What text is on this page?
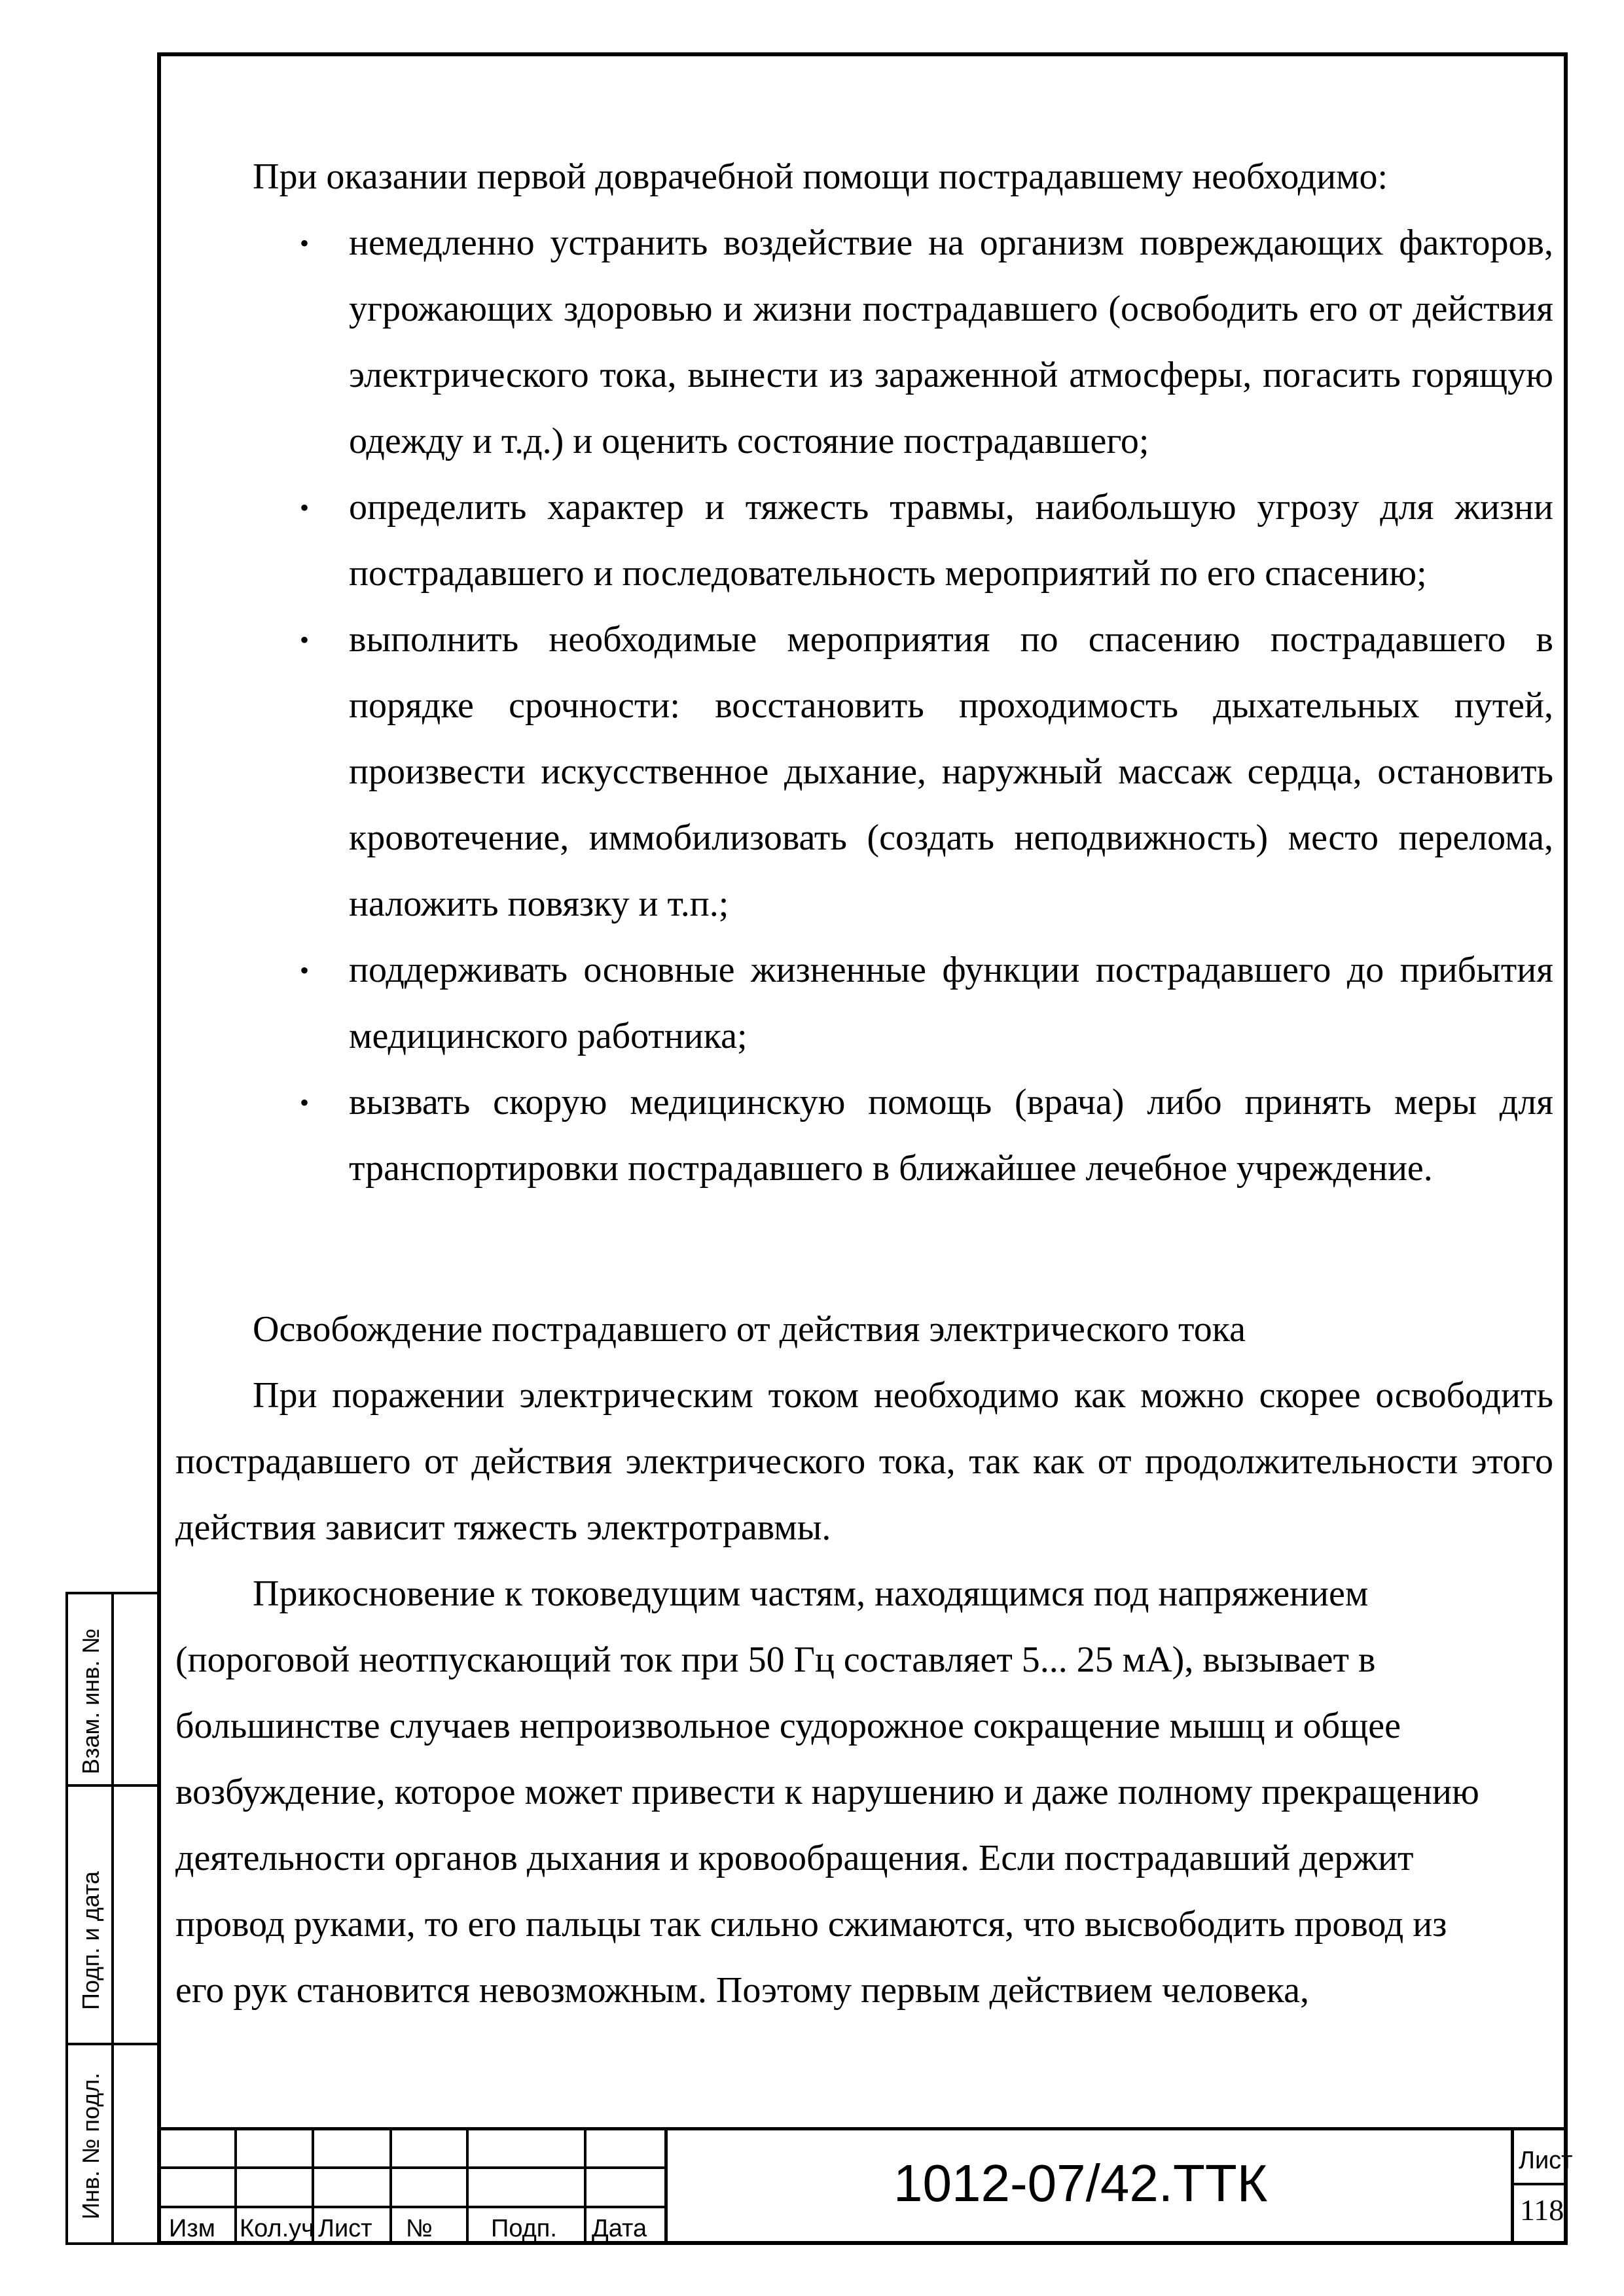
При оказании первой доврачебной помощи пострадавшему необходимо:

• немедленно устранить воздействие на организм повреждающих факторов, угрожающих здоровью и жизни пострадавшего (освободить его от действия электрического тока, вынести из зараженной атмосферы, погасить горящую одежду и т.д.) и оценить состояние пострадавшего;
• определить характер и тяжесть травмы, наибольшую угрозу для жизни пострадавшего и последовательность мероприятий по его спасению;
• выполнить необходимые мероприятия по спасению пострадавшего в порядке срочности: восстановить проходимость дыхательных путей, произвести искусственное дыхание, наружный массаж сердца, остановить кровотечение, иммобилизовать (создать неподвижность) место перелома, наложить повязку и т.п.;
• поддерживать основные жизненные функции пострадавшего до прибытия медицинского работника;
• вызвать скорую медицинскую помощь (врача) либо принять меры для транспортировки пострадавшего в ближайшее лечебное учреждение.

Освобождение пострадавшего от действия электрического тока

При поражении электрическим током необходимо как можно скорее освободить пострадавшего от действия электрического тока, так как от продолжительности этого действия зависит тяжесть электротравмы.

Прикосновение к токоведущим частям, находящимся под напряжением

(пороговой неотпускающий ток при 50 Гц составляет 5... 25 мА), вызывает в

большинстве случаев непроизвольное судорожное сокращение мышц и общее

возбуждение, которое может привести к нарушению и даже полному прекращению

деятельности органов дыхания и кровообращения. Если пострадавший держит

провод руками, то его пальцы так сильно сжимаются, что высвободить провод из

его рук становится невозможным. Поэтому первым действием человека,

Взам. инв. №
Подп. и дата
Инв. № подл.
Изм Кол.уч Лист № Подп. Дата
1012-07/42.ТТК	Лист
118
